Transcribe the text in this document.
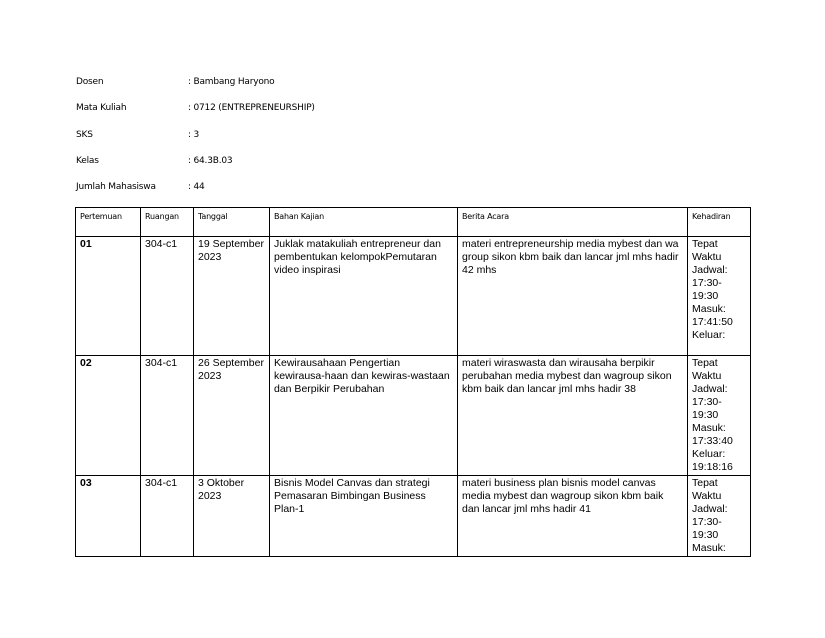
Dosen	: Bambang Haryono
Mata Kuliah	: 0712 (ENTREPRENEURSHIP)
SKS	: 3
Kelas	: 64.3B.03
Jumlah Mahasiswa	: 44
Pertemuan	Ruangan	Tanggal	Bahan Kajian	Berita Acara	Kehadiran
01	304-c1	19 September 2023	Juklak matakuliah entrepreneur dan pembentukan kelompokPemutaran video inspirasi	materi entrepreneurship media mybest dan wa group sikon kbm baik dan lancar jml mhs hadir 42 mhs	Tepat Waktu Jadwal: 17:30-19:30 Masuk: 17:41:50 Keluar:
02	304-c1	26 September 2023	Kewirausahaan Pengertian kewirausa-haan dan kewiras-wastaan dan Berpikir Perubahan	materi wiraswasta dan wirausaha berpikir perubahan media mybest dan wagroup sikon kbm baik dan lancar jml mhs hadir 38	Tepat Waktu Jadwal: 17:30-19:30 Masuk: 17:33:40 Keluar: 19:18:16
03	304-c1	3 Oktober 2023	Bisnis Model Canvas dan strategi Pemasaran Bimbingan Business Plan-1	materi business plan bisnis model canvas media mybest dan wagroup sikon kbm baik dan lancar jml mhs hadir 41	Tepat Waktu Jadwal: 17:30-19:30 Masuk:
